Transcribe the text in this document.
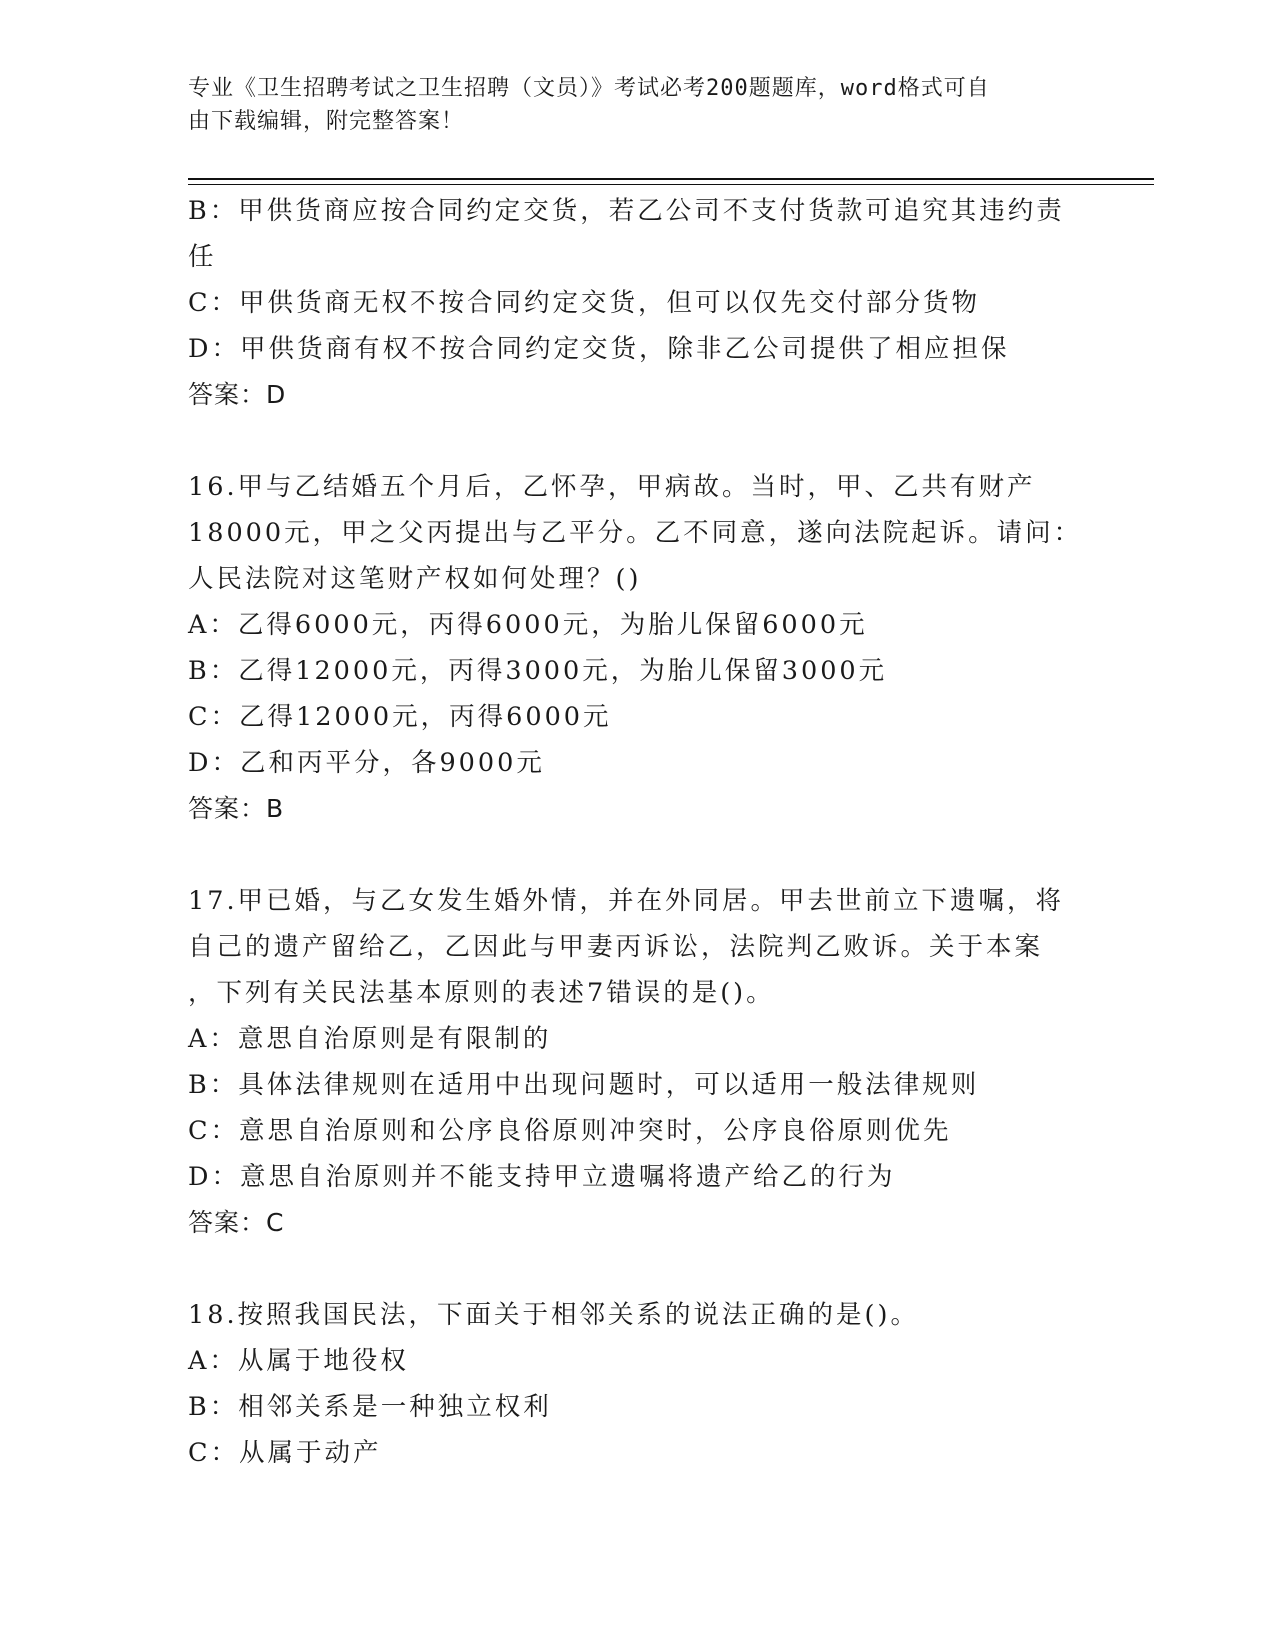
专业《卫生招聘考试之卫生招聘（文员）》考试必考200题题库，word格式可自
由下载编辑，附完整答案！
B：甲供货商应按合同约定交货，若乙公司不支付货款可追究其违约责
任
C：甲供货商无权不按合同约定交货，但可以仅先交付部分货物
D：甲供货商有权不按合同约定交货，除非乙公司提供了相应担保
答案：D
16.甲与乙结婚五个月后，乙怀孕，甲病故。当时，甲、乙共有财产
18000元，甲之父丙提出与乙平分。乙不同意，遂向法院起诉。请问：
人民法院对这笔财产权如何处理？()
A：乙得6000元，丙得6000元，为胎儿保留6000元
B：乙得12000元，丙得3000元，为胎儿保留3000元
C：乙得12000元，丙得6000元
D：乙和丙平分，各9000元
答案：B
17.甲已婚，与乙女发生婚外情，并在外同居。甲去世前立下遗嘱，将
自己的遗产留给乙，乙因此与甲妻丙诉讼，法院判乙败诉。关于本案
，下列有关民法基本原则的表述7错误的是()。
A：意思自治原则是有限制的
B：具体法律规则在适用中出现问题时，可以适用一般法律规则
C：意思自治原则和公序良俗原则冲突时，公序良俗原则优先
D：意思自治原则并不能支持甲立遗嘱将遗产给乙的行为
答案：C
18.按照我国民法，下面关于相邻关系的说法正确的是()。
A：从属于地役权
B：相邻关系是一种独立权利
C：从属于动产
